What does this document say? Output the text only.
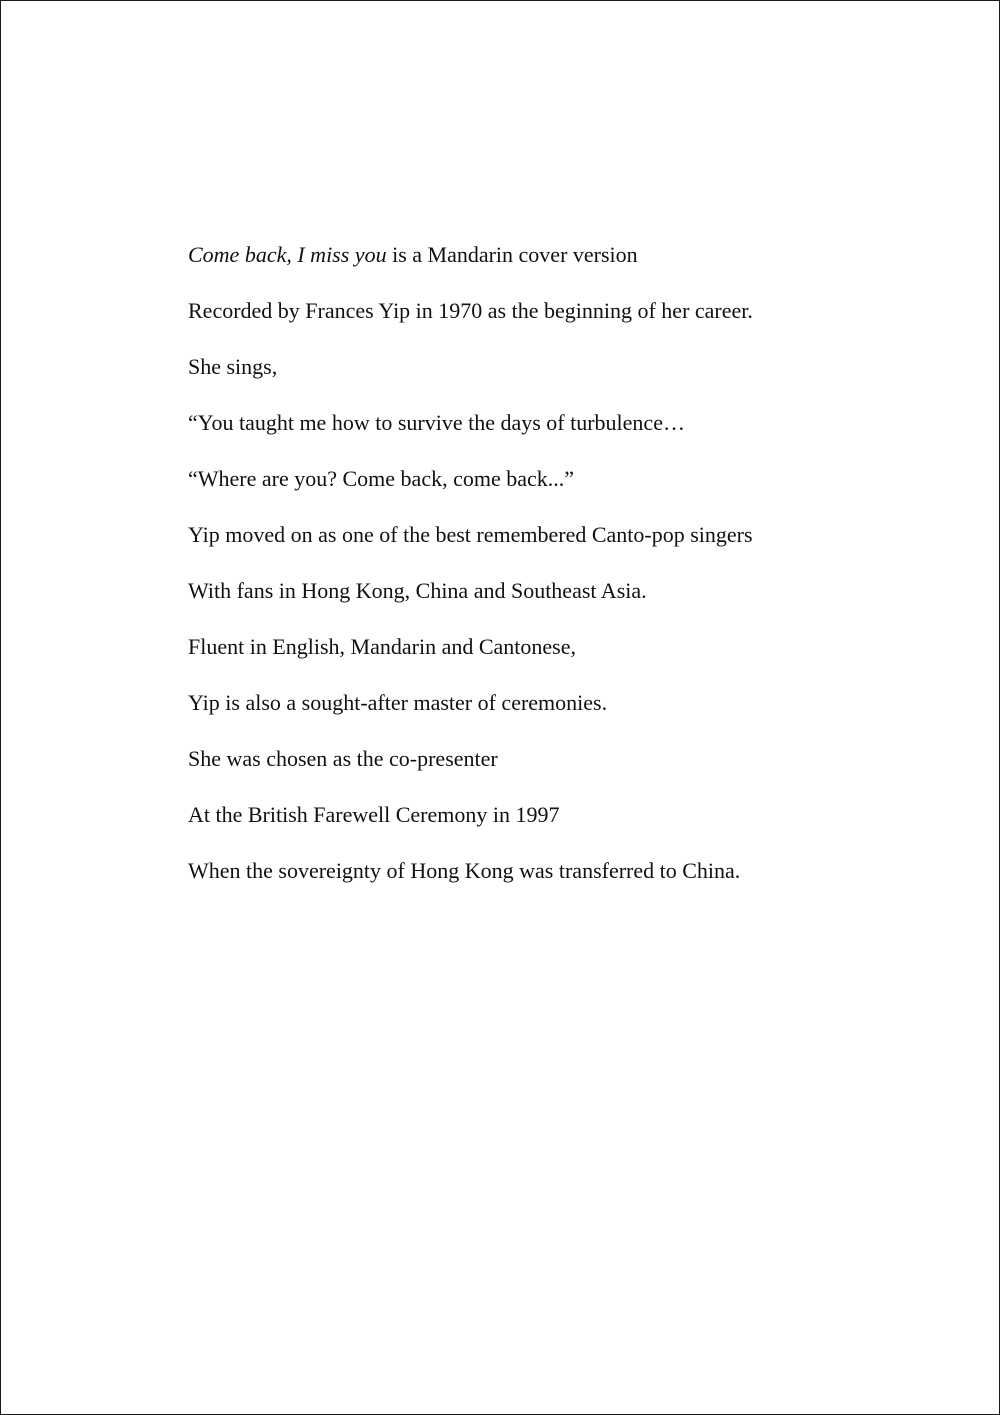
Come back, I miss you is a Mandarin cover version
Recorded by Frances Yip in 1970 as the beginning of her career.
She sings,
“You taught me how to survive the days of turbulence…
“Where are you? Come back, come back...”
Yip moved on as one of the best remembered Canto-pop singers
With fans in Hong Kong, China and Southeast Asia.
Fluent in English, Mandarin and Cantonese,
Yip is also a sought-after master of ceremonies.
She was chosen as the co-presenter
At the British Farewell Ceremony in 1997
When the sovereignty of Hong Kong was transferred to China.
